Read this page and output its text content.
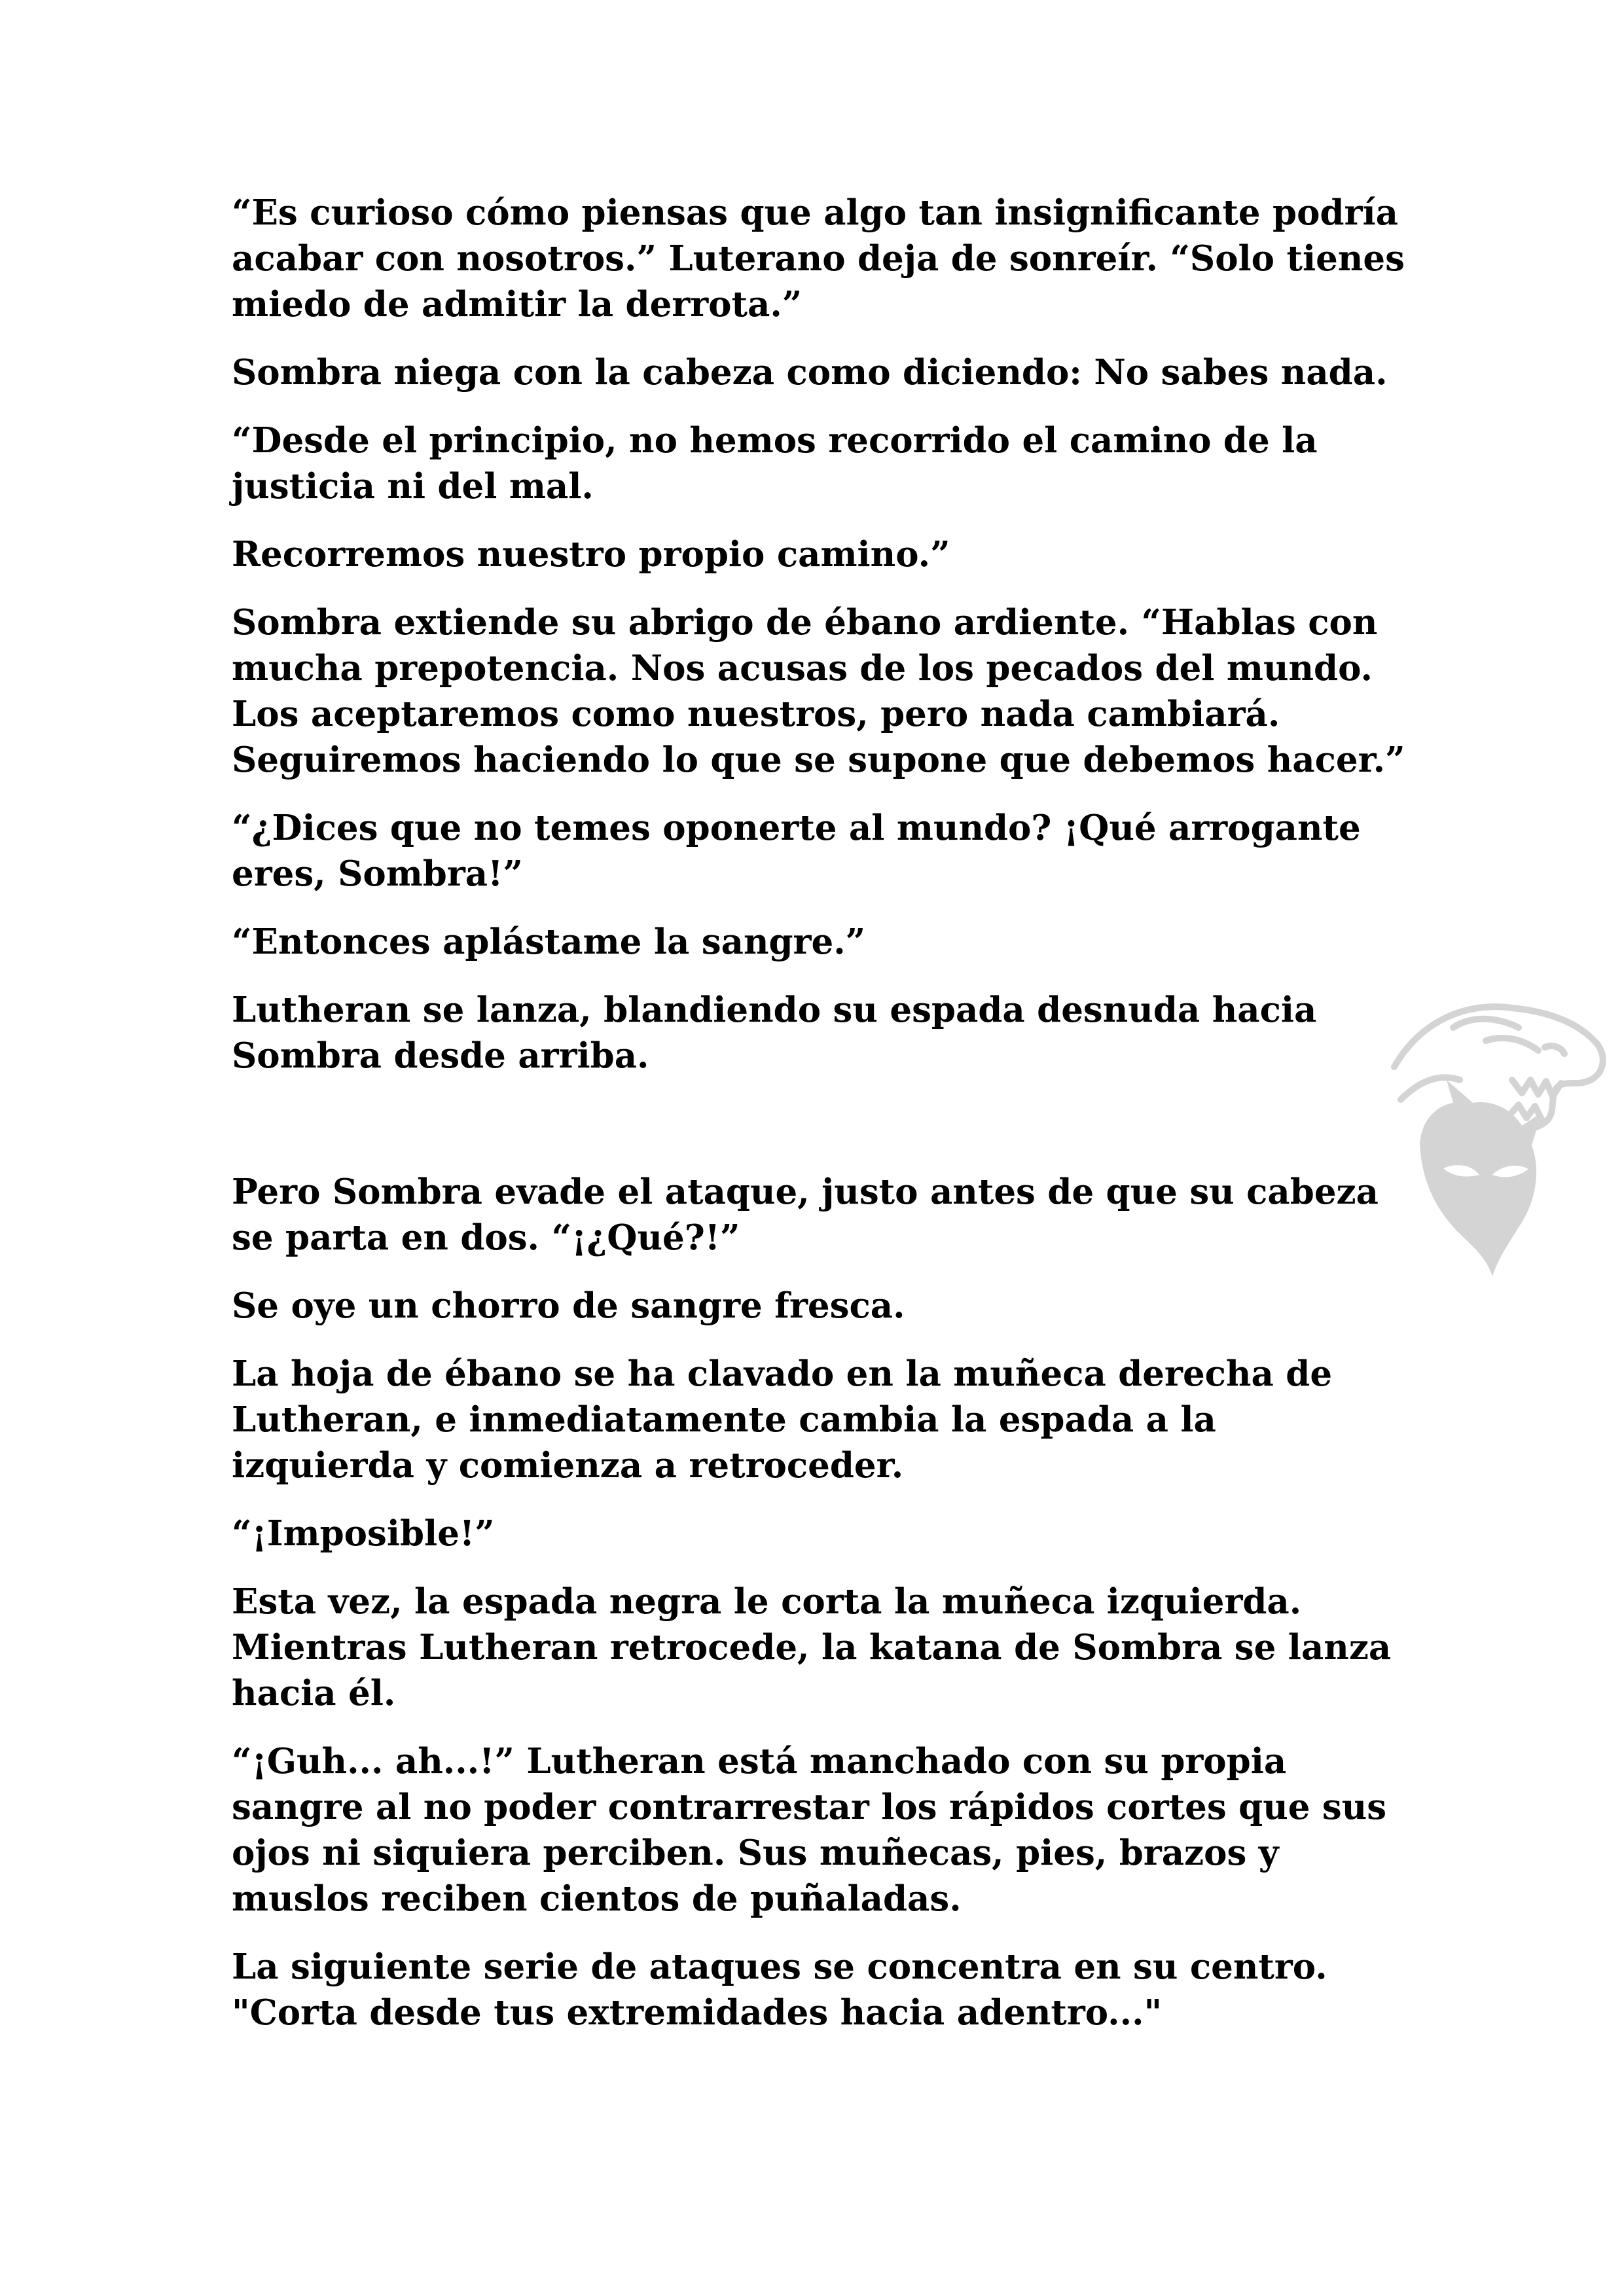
“Es curioso cómo piensas que algo tan insignificante podría acabar con nosotros.” Luterano deja de sonreír. “Solo tienes miedo de admitir la derrota.”

Sombra niega con la cabeza como diciendo: No sabes nada.

“Desde el principio, no hemos recorrido el camino de la justicia ni del mal.

Recorremos nuestro propio camino.”

Sombra extiende su abrigo de ébano ardiente. “Hablas con mucha prepotencia. Nos acusas de los pecados del mundo. Los aceptaremos como nuestros, pero nada cambiará. Seguiremos haciendo lo que se supone que debemos hacer.”

“¿Dices que no temes oponerte al mundo? ¡Qué arrogante eres, Sombra!”

“Entonces aplástame la sangre.”

Lutheran se lanza, blandiendo su espada desnuda hacia Sombra desde arriba.

Pero Sombra evade el ataque, justo antes de que su cabeza se parta en dos. “¡¿Qué?!”

Se oye un chorro de sangre fresca.

La hoja de ébano se ha clavado en la muñeca derecha de Lutheran, e inmediatamente cambia la espada a la izquierda y comienza a retroceder.

“¡Imposible!”

Esta vez, la espada negra le corta la muñeca izquierda. Mientras Lutheran retrocede, la katana de Sombra se lanza hacia él.

“¡Guh... ah...!” Lutheran está manchado con su propia sangre al no poder contrarrestar los rápidos cortes que sus ojos ni siquiera perciben. Sus muñecas, pies, brazos y muslos reciben cientos de puñaladas.

La siguiente serie de ataques se concentra en su centro. "Corta desde tus extremidades hacia adentro..."
